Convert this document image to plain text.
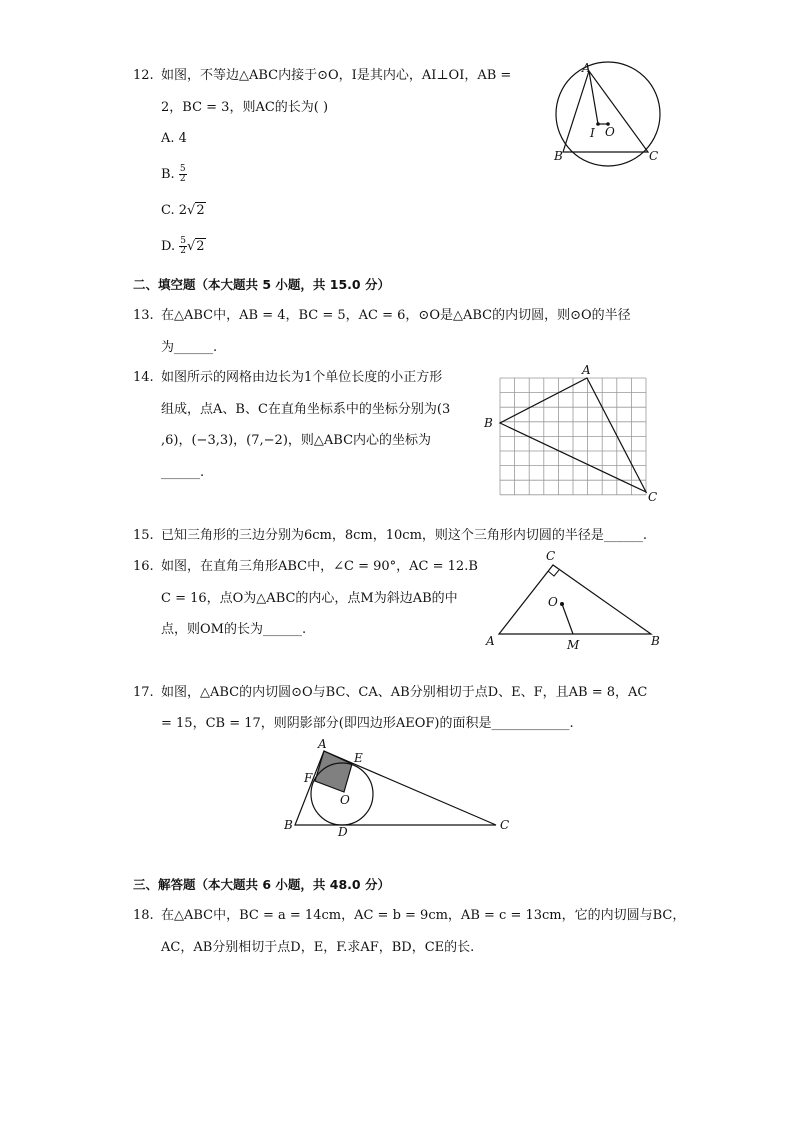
12. 如图，不等边△ABC内接于⊙O，I是其内心，AI⊥OI，AB =
2，BC = 3，则AC的长为( )
A. 4
B. $\frac{5}{2}$
C. 2√2
D. $\frac{5}{2} √2$
A
B	C
I O
二、填空题（本大题共 5 小题，共 15.0 分）
13. 在△ABC中，AB = 4，BC = 5，AC = 6，⊙O是△ABC的内切圆，则⊙O的半径
为______.
14. 如图所示的网格由边长为1个单位长度的小正方形
组成，点A、B、C在直角坐标系中的坐标分别为(3
,6)，(−3,3)，(7,−2)，则△ABC内心的坐标为
______.
A
B
C
15. 已知三角形的三边分别为6cm，8cm，10cm，则这个三角形内切圆的半径是______.
16. 如图，在直角三角形ABC中，∠C = 90°，AC = 12.B
C = 16，点O为△ABC的内心，点M为斜边AB的中
点，则OM的长为______.
C
O
A	M	B
17. 如图，△ABC的内切圆⊙O与BC、CA、AB分别相切于点D、E、F，且AB = 8，AC
= 15，CB = 17，则阴影部分(即四边形AEOF)的面积是____________.
A
E
F
O
B	D	C
三、解答题（本大题共 6 小题，共 48.0 分）
18. 在△ABC中，BC = a = 14cm，AC = b = 9cm，AB = c = 13cm，它的内切圆与BC，
AC，AB分别相切于点D，E，F.求AF，BD，CE的长.
